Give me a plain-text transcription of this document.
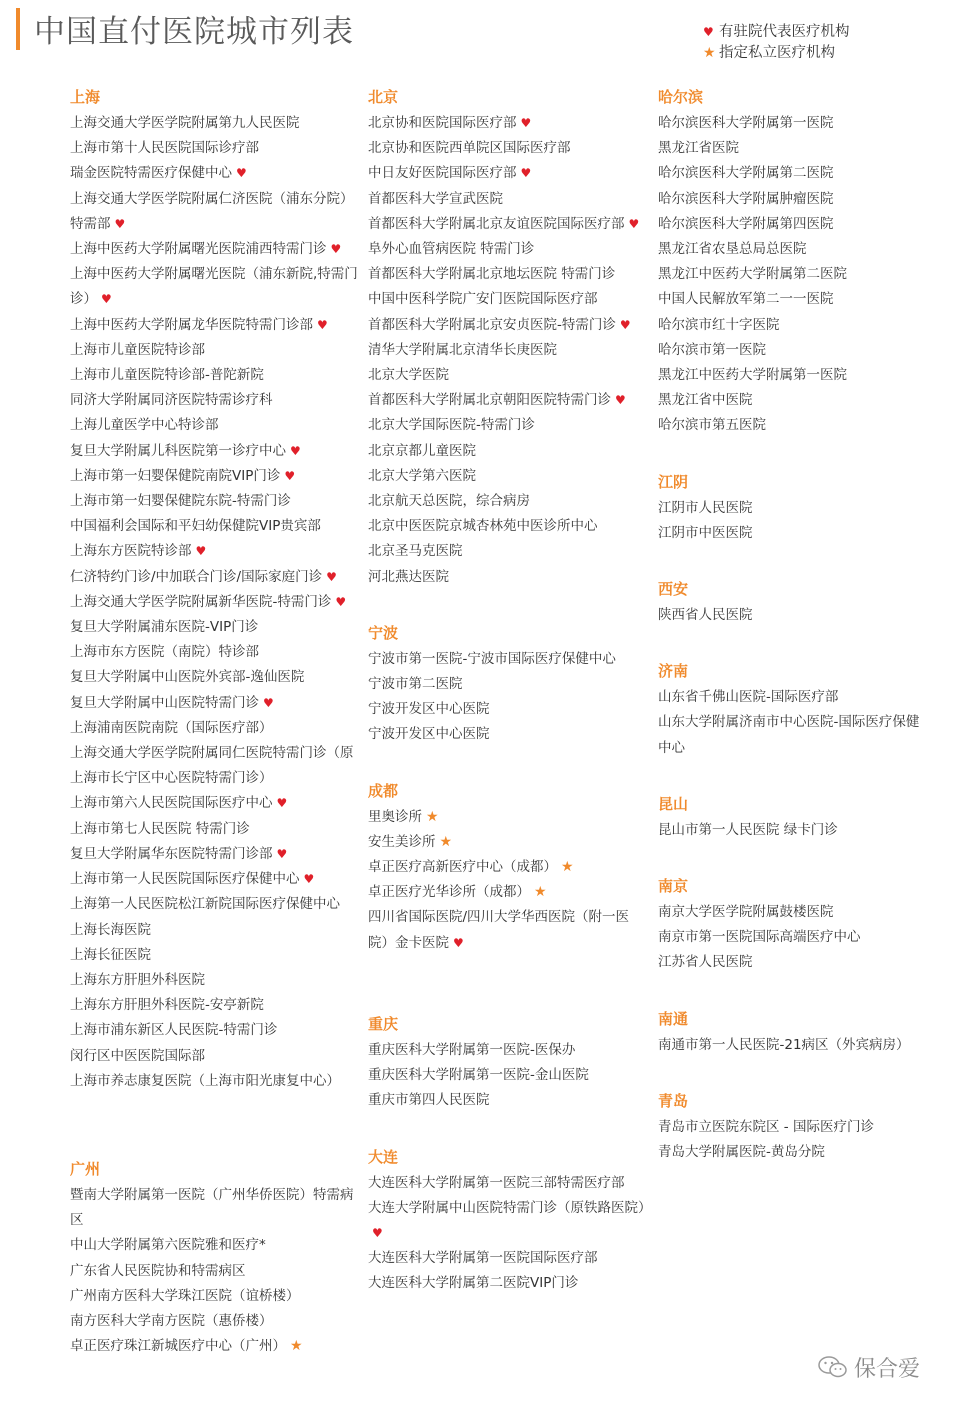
中国直付医院城市列表	♥ 有驻院代表医疗机构
★ 指定私立医疗机构
上海
上海交通大学医学院附属第九人民医院
上海市第十人民医院国际诊疗部
瑞金医院特需医疗保健中心 ♥
上海交通大学医学院附属仁济医院（浦东分院）特需部 ♥
上海中医药大学附属曙光医院浦西特需门诊 ♥
上海中医药大学附属曙光医院（浦东新院,特需门诊） ♥
上海中医药大学附属龙华医院特需门诊部 ♥
上海市儿童医院特诊部
上海市儿童医院特诊部-普陀新院
同济大学附属同济医院特需诊疗科
上海儿童医学中心特诊部
复旦大学附属儿科医院第一诊疗中心 ♥
上海市第一妇婴保健院南院VIP门诊 ♥
上海市第一妇婴保健院东院-特需门诊
中国福利会国际和平妇幼保健院VIP贵宾部
上海东方医院特诊部 ♥
仁济特约门诊/中加联合门诊/国际家庭门诊 ♥
上海交通大学医学院附属新华医院-特需门诊 ♥
复旦大学附属浦东医院-VIP门诊
上海市东方医院（南院）特诊部
复旦大学附属中山医院外宾部-逸仙医院
复旦大学附属中山医院特需门诊 ♥
上海浦南医院南院（国际医疗部）
上海交通大学医学院附属同仁医院特需门诊（原上海市长宁区中心医院特需门诊）
上海市第六人民医院国际医疗中心 ♥
上海市第七人民医院 特需门诊
复旦大学附属华东医院特需门诊部 ♥
上海市第一人民医院国际医疗保健中心 ♥
上海第一人民医院松江新院国际医疗保健中心
上海长海医院
上海长征医院
上海东方肝胆外科医院
上海东方肝胆外科医院-安亭新院
上海市浦东新区人民医院-特需门诊
闵行区中医医院国际部
上海市养志康复医院（上海市阳光康复中心）
广州
暨南大学附属第一医院（广州华侨医院）特需病区
中山大学附属第六医院雅和医疗*
广东省人民医院协和特需病区
广州南方医科大学珠江医院（谊桥楼）
南方医科大学南方医院（惠侨楼）
卓正医疗珠江新城医疗中心（广州） ★
北京
北京协和医院国际医疗部 ♥
北京协和医院西单院区国际医疗部
中日友好医院国际医疗部 ♥
首都医科大学宣武医院
首都医科大学附属北京友谊医院国际医疗部 ♥
阜外心血管病医院 特需门诊
首都医科大学附属北京地坛医院 特需门诊
中国中医科学院广安门医院国际医疗部
首都医科大学附属北京安贞医院-特需门诊 ♥
清华大学附属北京清华长庚医院
北京大学医院
首都医科大学附属北京朝阳医院特需门诊 ♥
北京大学国际医院-特需门诊
北京京都儿童医院
北京大学第六医院
北京航天总医院，综合病房
北京中医医院京城杏林苑中医诊所中心
北京圣马克医院
河北燕达医院
宁波
宁波市第一医院-宁波市国际医疗保健中心
宁波市第二医院
宁波开发区中心医院
宁波开发区中心医院
成都
里奥诊所 ★
安生美诊所 ★
卓正医疗高新医疗中心（成都） ★
卓正医疗光华诊所（成都） ★
四川省国际医院/四川大学华西医院（附一医院）金卡医院 ♥
重庆
重庆医科大学附属第一医院-医保办
重庆医科大学附属第一医院-金山医院
重庆市第四人民医院
大连
大连医科大学附属第一医院三部特需医疗部
大连大学附属中山医院特需门诊（原铁路医院）♥
大连医科大学附属第一医院国际医疗部
大连医科大学附属第二医院VIP门诊
哈尔滨
哈尔滨医科大学附属第一医院
黑龙江省医院
哈尔滨医科大学附属第二医院
哈尔滨医科大学附属肿瘤医院
哈尔滨医科大学附属第四医院
黑龙江省农垦总局总医院
黑龙江中医药大学附属第二医院
中国人民解放军第二一一医院
哈尔滨市红十字医院
哈尔滨市第一医院
黑龙江中医药大学附属第一医院
黑龙江省中医院
哈尔滨市第五医院
江阴
江阴市人民医院
江阴市中医医院
西安
陕西省人民医院
济南
山东省千佛山医院-国际医疗部
山东大学附属济南市中心医院-国际医疗保健中心
昆山
昆山市第一人民医院 绿卡门诊
南京
南京大学医学院附属鼓楼医院
南京市第一医院国际高端医疗中心
江苏省人民医院
南通
南通市第一人民医院-21病区（外宾病房）
青岛
青岛市立医院东院区 - 国际医疗门诊
青岛大学附属医院-黄岛分院
保合爱
